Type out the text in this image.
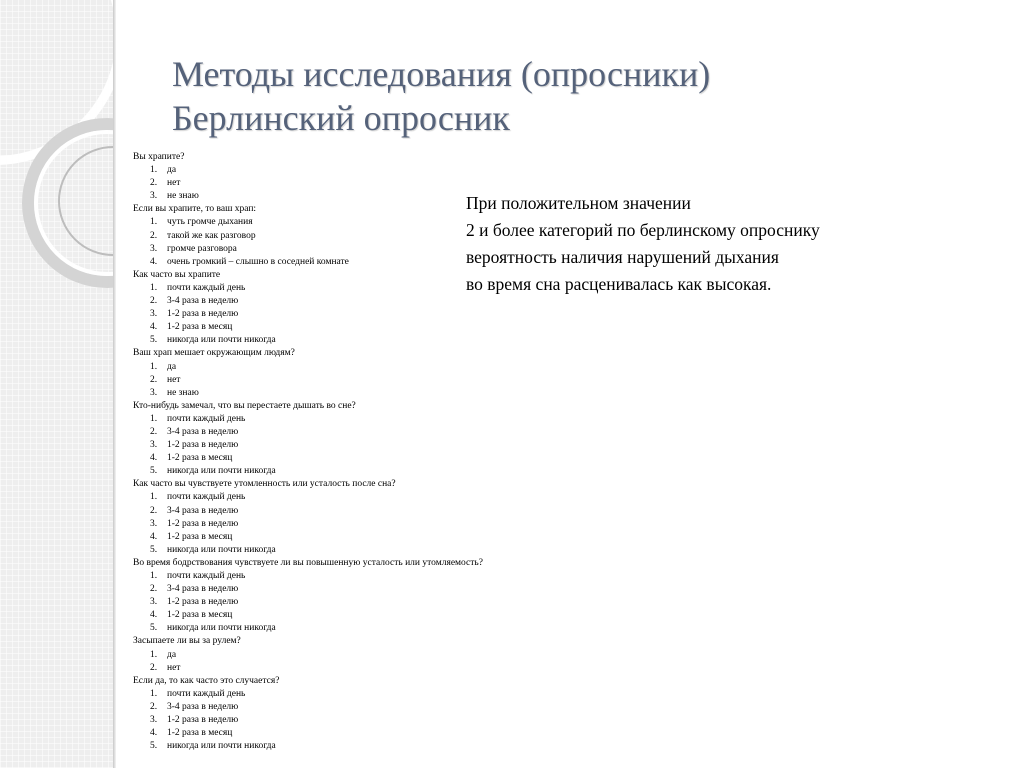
Методы исследования (опросники)
Берлинский опросник
Вы храпите?
1. да
2. нет
3. не знаю
Если вы храпите, то ваш храп:
1. чуть громче дыхания
2. такой же как разговор
3. громче разговора
4. очень громкий – слышно в соседней комнате
Как часто вы храпите
1. почти каждый день
2. 3-4 раза в неделю
3. 1-2 раза в неделю
4. 1-2 раза в месяц
5. никогда или почти никогда
Ваш храп мешает окружающим людям?
1. да
2. нет
3. не знаю
Кто-нибудь замечал, что вы перестаете дышать во сне?
1. почти каждый день
2. 3-4 раза в неделю
3. 1-2 раза в неделю
4. 1-2 раза в месяц
5. никогда или почти никогда
Как часто вы чувствуете утомленность или усталость после сна?
1. почти каждый день
2. 3-4 раза в неделю
3. 1-2 раза в неделю
4. 1-2 раза в месяц
5. никогда или почти никогда
Во время бодрствования чувствуете ли вы повышенную усталость или утомляемость?
1. почти каждый день
2. 3-4 раза в неделю
3. 1-2 раза в неделю
4. 1-2 раза в месяц
5. никогда или почти никогда
Засыпаете ли вы за рулем?
1. да
2. нет
Если да, то как часто это случается?
1. почти каждый день
2. 3-4 раза в неделю
3. 1-2 раза в неделю
4. 1-2 раза в месяц
5. никогда или почти никогда
При положительном значении
2 и более категорий по берлинскому опроснику
вероятность наличия нарушений дыхания
во время сна расценивалась как высокая.
